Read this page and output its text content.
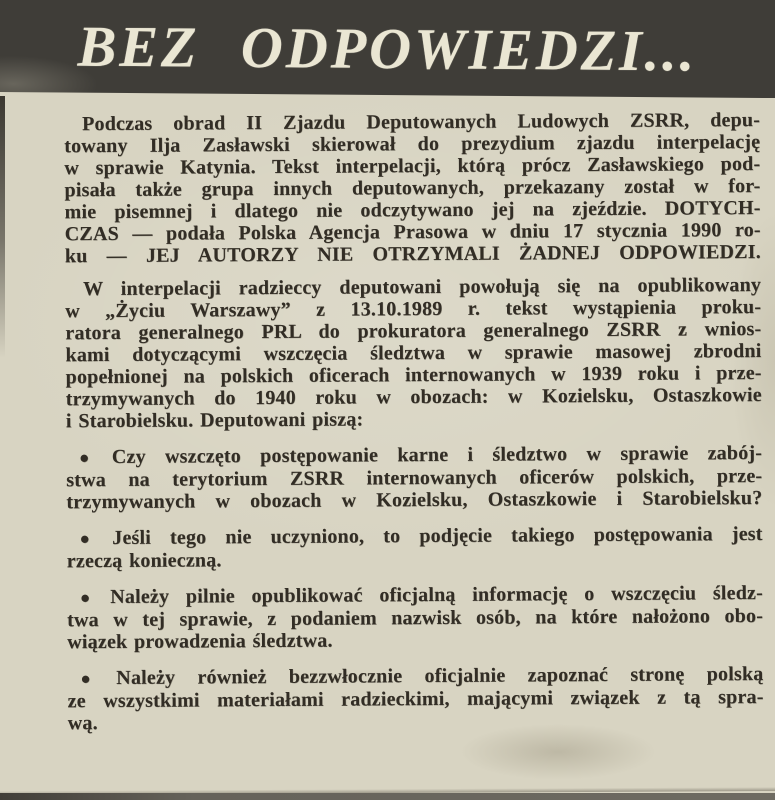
BEZ ODPOWIEDZI...
Podczas obrad II Zjazdu Deputowanych Ludowych ZSRR, depu-
towany Ilja Zasławski skierował do prezydium zjazdu interpelację
w sprawie Katynia. Tekst interpelacji, którą prócz Zasławskiego pod-
pisała także grupa innych deputowanych, przekazany został w for-
mie pisemnej i dlatego nie odczytywano jej na zjeździe. DOTYCH-
CZAS — podała Polska Agencja Prasowa w dniu 17 stycznia 1990 ro-
ku — JEJ AUTORZY NIE OTRZYMALI ŻADNEJ ODPOWIEDZI.
W interpelacji radzieccy deputowani powołują się na opublikowany
w „Życiu Warszawy” z 13.10.1989 r. tekst wystąpienia proku-
ratora generalnego PRL do prokuratora generalnego ZSRR z wnios-
kami dotyczącymi wszczęcia śledztwa w sprawie masowej zbrodni
popełnionej na polskich oficerach internowanych w 1939 roku i prze-
trzymywanych do 1940 roku w obozach: w Kozielsku, Ostaszkowie
i Starobielsku. Deputowani piszą:
● Czy wszczęto postępowanie karne i śledztwo w sprawie zabój-
stwa na terytorium ZSRR internowanych oficerów polskich, prze-
trzymywanych w obozach w Kozielsku, Ostaszkowie i Starobielsku?
● Jeśli tego nie uczyniono, to podjęcie takiego postępowania jest
rzeczą konieczną.
● Należy pilnie opublikować oficjalną informację o wszczęciu śledz-
twa w tej sprawie, z podaniem nazwisk osób, na które nałożono obo-
wiązek prowadzenia śledztwa.
● Należy również bezzwłocznie oficjalnie zapoznać stronę polską
ze wszystkimi materiałami radzieckimi, mającymi związek z tą spra-
wą.
